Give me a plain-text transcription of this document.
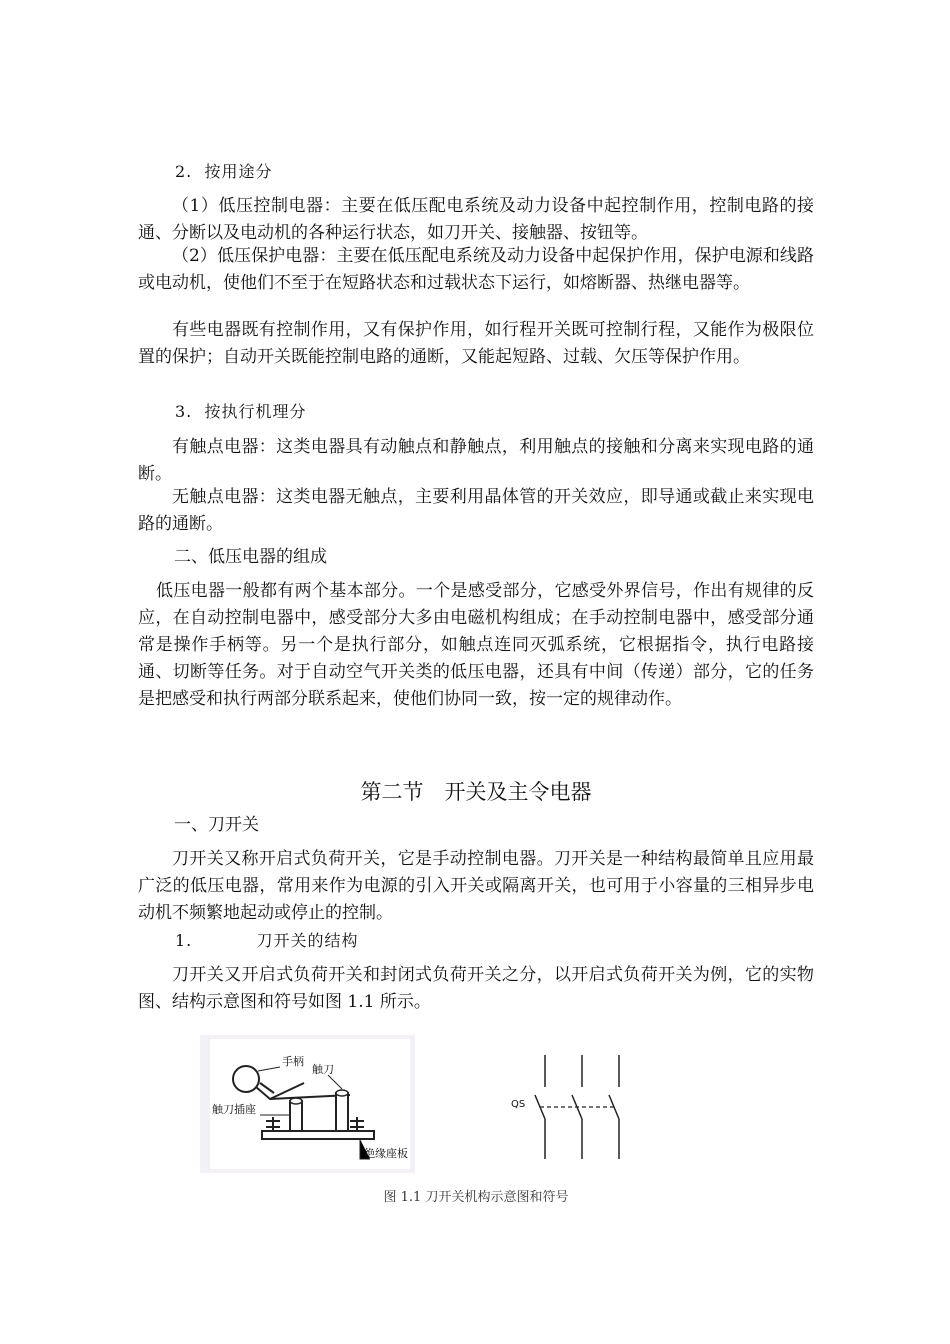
2. 按用途分

（1）低压控制电器：主要在低压配电系统及动力设备中起控制作用，控制电路的接通、分断以及电动机的各种运行状态，如刀开关、接触器、按钮等。

（2）低压保护电器：主要在低压配电系统及动力设备中起保护作用，保护电源和线路或电动机，使他们不至于在短路状态和过载状态下运行，如熔断器、热继电器等。

有些电器既有控制作用，又有保护作用，如行程开关既可控制行程，又能作为极限位置的保护；自动开关既能控制电路的通断，又能起短路、过载、欠压等保护作用。

3. 按执行机理分

有触点电器：这类电器具有动触点和静触点，利用触点的接触和分离来实现电路的通断。

无触点电器：这类电器无触点，主要利用晶体管的开关效应，即导通或截止来实现电路的通断。

二、低压电器的组成

低压电器一般都有两个基本部分。一个是感受部分，它感受外界信号，作出有规律的反应，在自动控制电器中，感受部分大多由电磁机构组成；在手动控制电器中，感受部分通常是操作手柄等。另一个是执行部分，如触点连同灭弧系统，它根据指令，执行电路接通、切断等任务。对于自动空气开关类的低压电器，还具有中间（传递）部分，它的任务是把感受和执行两部分联系起来，使他们协同一致，按一定的规律动作。

第二节　开关及主令电器

一、刀开关

刀开关又称开启式负荷开关，它是手动控制电器。刀开关是一种结构最简单且应用最广泛的低压电器，常用来作为电源的引入开关或隔离开关，也可用于小容量的三相异步电动机不频繁地起动或停止的控制。

1.	刀开关的结构

刀开关又开启式负荷开关和封闭式负荷开关之分，以开启式负荷开关为例，它的实物图、结构示意图和符号如图 1.1 所示。

手柄
触刀
触刀插座
绝缘座板
QS
图 1.1 刀开关机构示意图和符号
